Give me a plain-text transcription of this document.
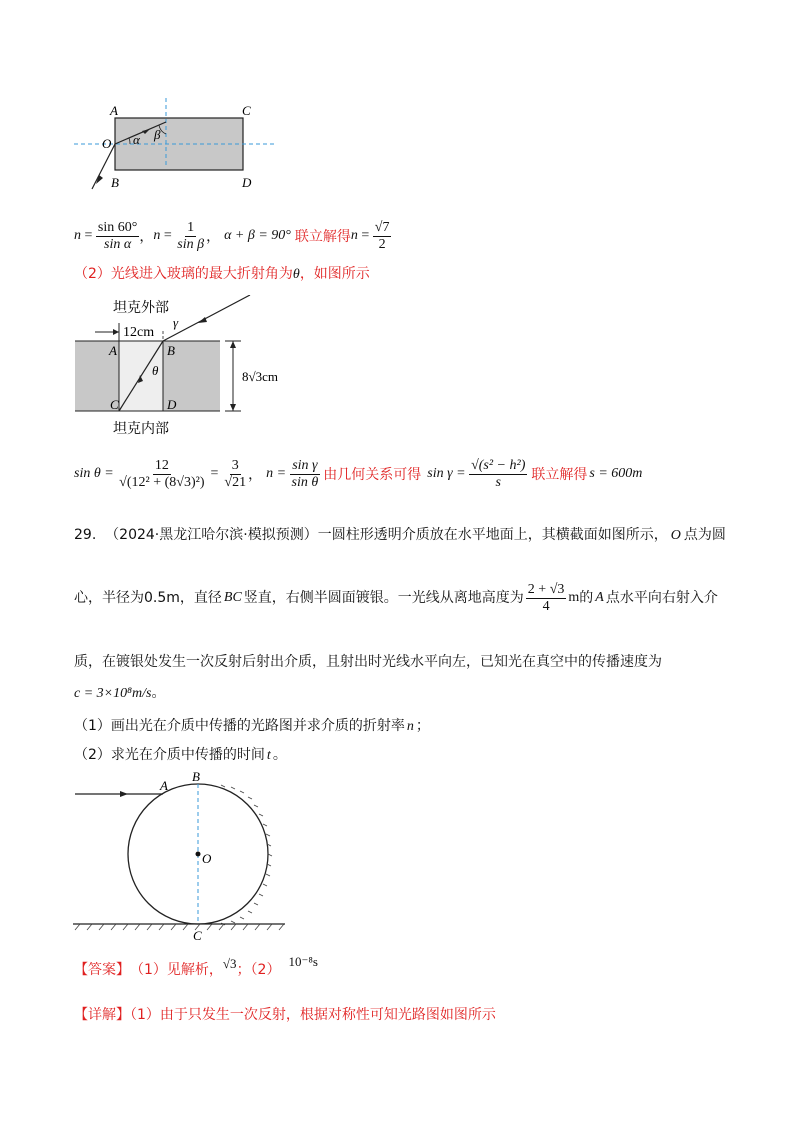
A	C
O
B	D
α β
$n = \frac{\sin 60^\circ}{\text{sin α}}$ ， $n = \frac{1}{\text{sin β}}$ ， α + β = 90° 联立解得 $n = \frac{√7}{2}$
（2）光线进入玻璃的最大折射角为θ，如图所示
坦克外部
12cm
γ
A	B
θ
C	D
8√3cm
坦克内部
sin θ =
$\frac{12}{\text{√(12² + (8√3)²)}} = \frac{3}{√21}$ ， n =
$\frac{\text{sin γ}}{\text{sin θ}}$ 由几何关系可得 sin γ =
$\frac{\text{√(s² − h²)}}{s}$ 联立解得 s = 600m
29. （2024·黑龙江哈尔滨·模拟预测）一圆柱形透明介质放在水平地面上，其横截面如图所示， O 点为圆
心，半径为0.5m，直径 BC 竖直，右侧半圆面镀银。一光线从离地高度为 $\frac{2 + √3}{4}$ m 的 A 点水平向右射入介
质，在镀银处发生一次反射后射出介质，且射出时光线水平向左，已知光在真空中的传播速度为
c = 3×10⁸m/s。
（1）画出光在介质中传播的光路图并求介质的折射率 n ；
（2）求光在介质中传播的时间 t 。
A
B
O
C
【答案】 （1）见解析， √3 ；（2）
10⁻⁸s
【详解】（1）由于只发生一次反射，根据对称性可知光路图如图所示
